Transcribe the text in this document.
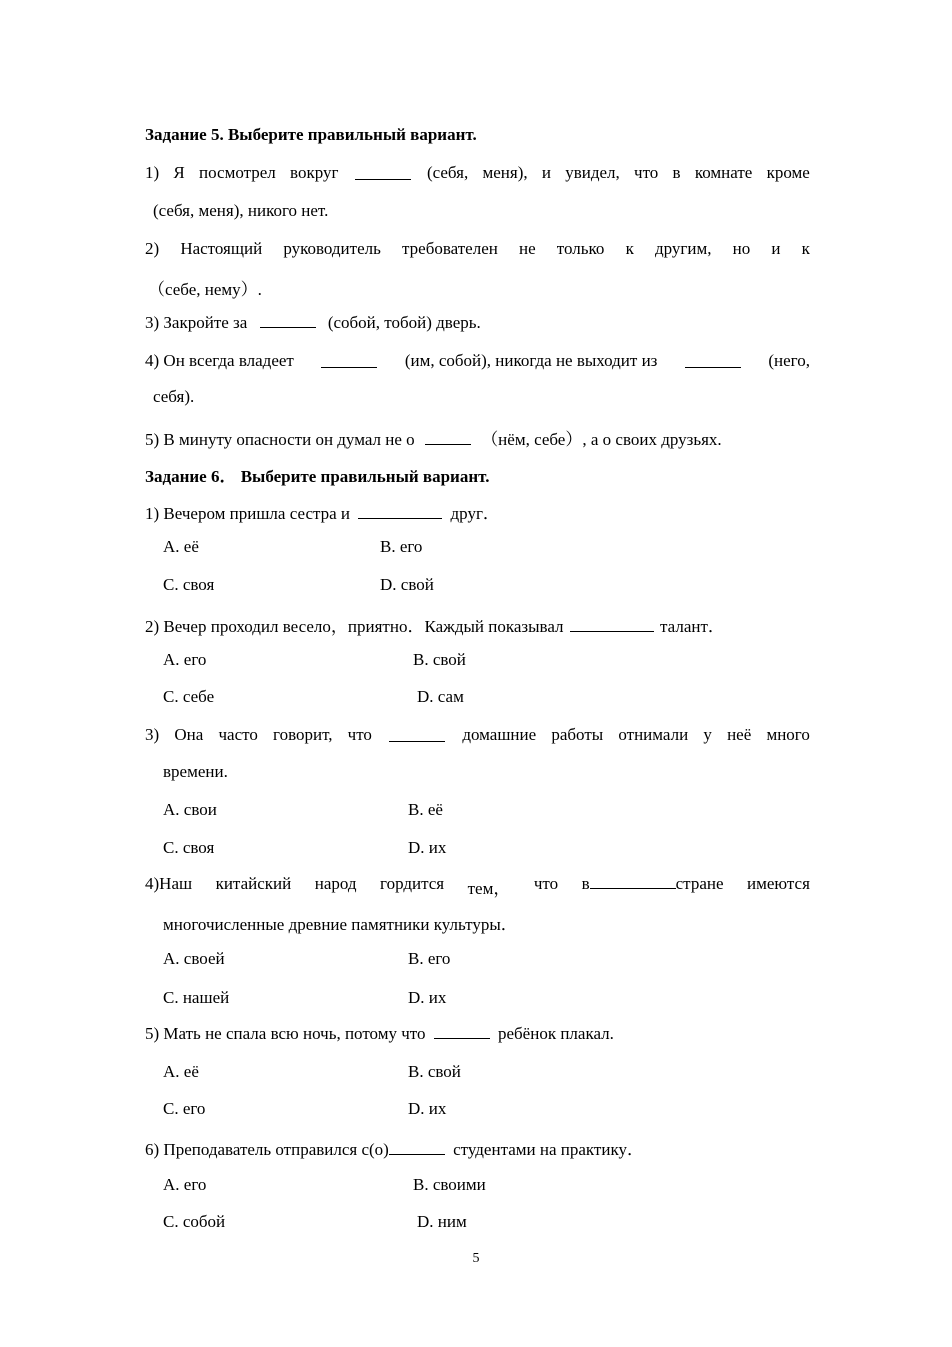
Задание 5. Выберите правильный вариант.
1) Я посмотрел вокруг	(себя, меня), и увидел, что в комнате кроме
(себя, меня), никого нет.
2) Настоящий руководитель требователен не только к другим, но и к
（себе, нему）.
3) Закройте за	(собой, тобой) дверь.
4) Он всегда владеет	(им, собой), никогда не выходит из	(него,
себя).
5) В минуту опасности он думал не о	（нём, себе）, а о своих друзьях.
Задание 6． Выберите правильный вариант.
1) Вечером пришла сестра и	друг．
A. её	B. его
C. своя	D. свой
2) Вечер проходил весело，приятно．Каждый показывал	талант．
A. его	B. свой
C. себе	D. сам
3) Она часто говорит, что	домашние работы отнимали у неё много
времени.
A. свои	B. её
C. своя	D. их
4)Наш китайский народ гордится тем， что в	стране имеются
многочисленные древние памятники культуры．
A. своей	B. его
C. нашей	D. их
5) Мать не спала всю ночь, потому что	ребёнок плакал.
A. её	B. свой
C. его	D. их
6) Преподаватель отправился с(о)	студентами на практику．
A. его	B. своими
C. собой	D. ним
5
